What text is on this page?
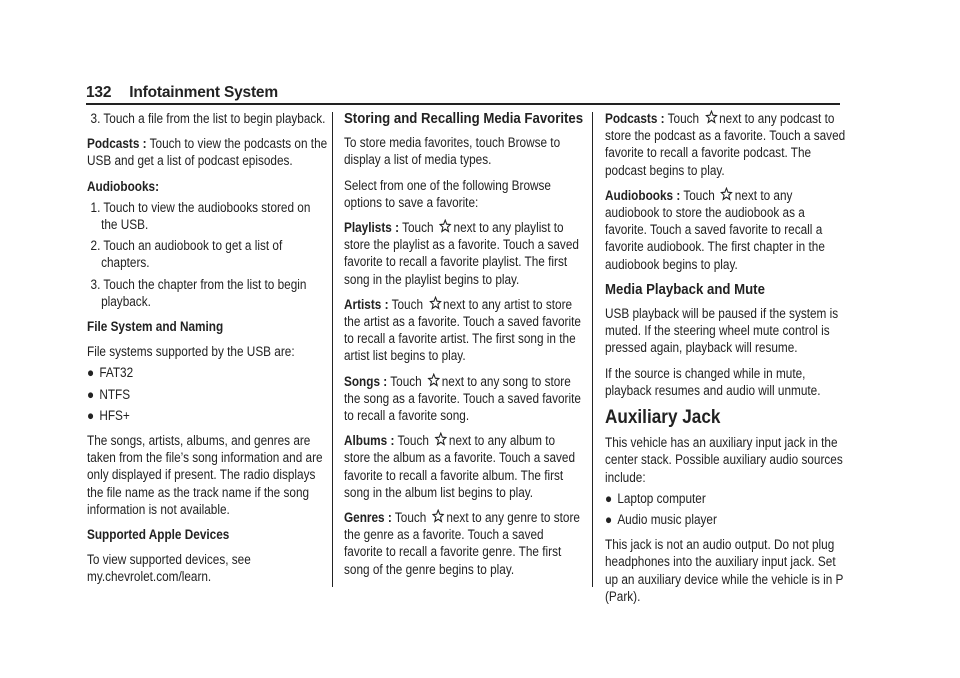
132 Infotainment System

3. Touch a file from the list to begin playback.

Podcasts : Touch to view the podcasts on the USB and get a list of podcast episodes.

Audiobooks:

1. Touch to view the audiobooks stored on the USB.
2. Touch an audiobook to get a list of chapters.
3. Touch the chapter from the list to begin playback.

File System and Naming

File systems supported by the USB are:

● FAT32
● NTFS
● HFS+

The songs, artists, albums, and genres are taken from the file’s song information and are only displayed if present. The radio displays the file name as the track name if the song information is not available.

Supported Apple Devices

To view supported devices, see my.chevrolet.com/learn.

Storing and Recalling Media Favorites

To store media favorites, touch Browse to display a list of media types.

Select from one of the following Browse options to save a favorite:

Playlists : Touch next to any playlist to store the playlist as a favorite. Touch a saved favorite to recall a favorite playlist. The first song in the playlist begins to play.

Artists : Touch next to any artist to store the artist as a favorite. Touch a saved favorite to recall a favorite artist. The first song in the artist list begins to play.

Songs : Touch next to any song to store the song as a favorite. Touch a saved favorite to recall a favorite song.

Albums : Touch next to any album to store the album as a favorite. Touch a saved favorite to recall a favorite album. The first song in the album list begins to play.

Genres : Touch next to any genre to store the genre as a favorite. Touch a saved favorite to recall a favorite genre. The first song of the genre begins to play.

Podcasts : Touch next to any podcast to store the podcast as a favorite. Touch a saved favorite to recall a favorite podcast. The podcast begins to play.

Audiobooks : Touch next to any audiobook to store the audiobook as a favorite. Touch a saved favorite to recall a favorite audiobook. The first chapter in the audiobook begins to play.

Media Playback and Mute

USB playback will be paused if the system is muted. If the steering wheel mute control is pressed again, playback will resume.

If the source is changed while in mute, playback resumes and audio will unmute.

Auxiliary Jack

This vehicle has an auxiliary input jack in the center stack. Possible auxiliary audio sources include:

● Laptop computer
● Audio music player

This jack is not an audio output. Do not plug headphones into the auxiliary input jack. Set up an auxiliary device while the vehicle is in P (Park).
